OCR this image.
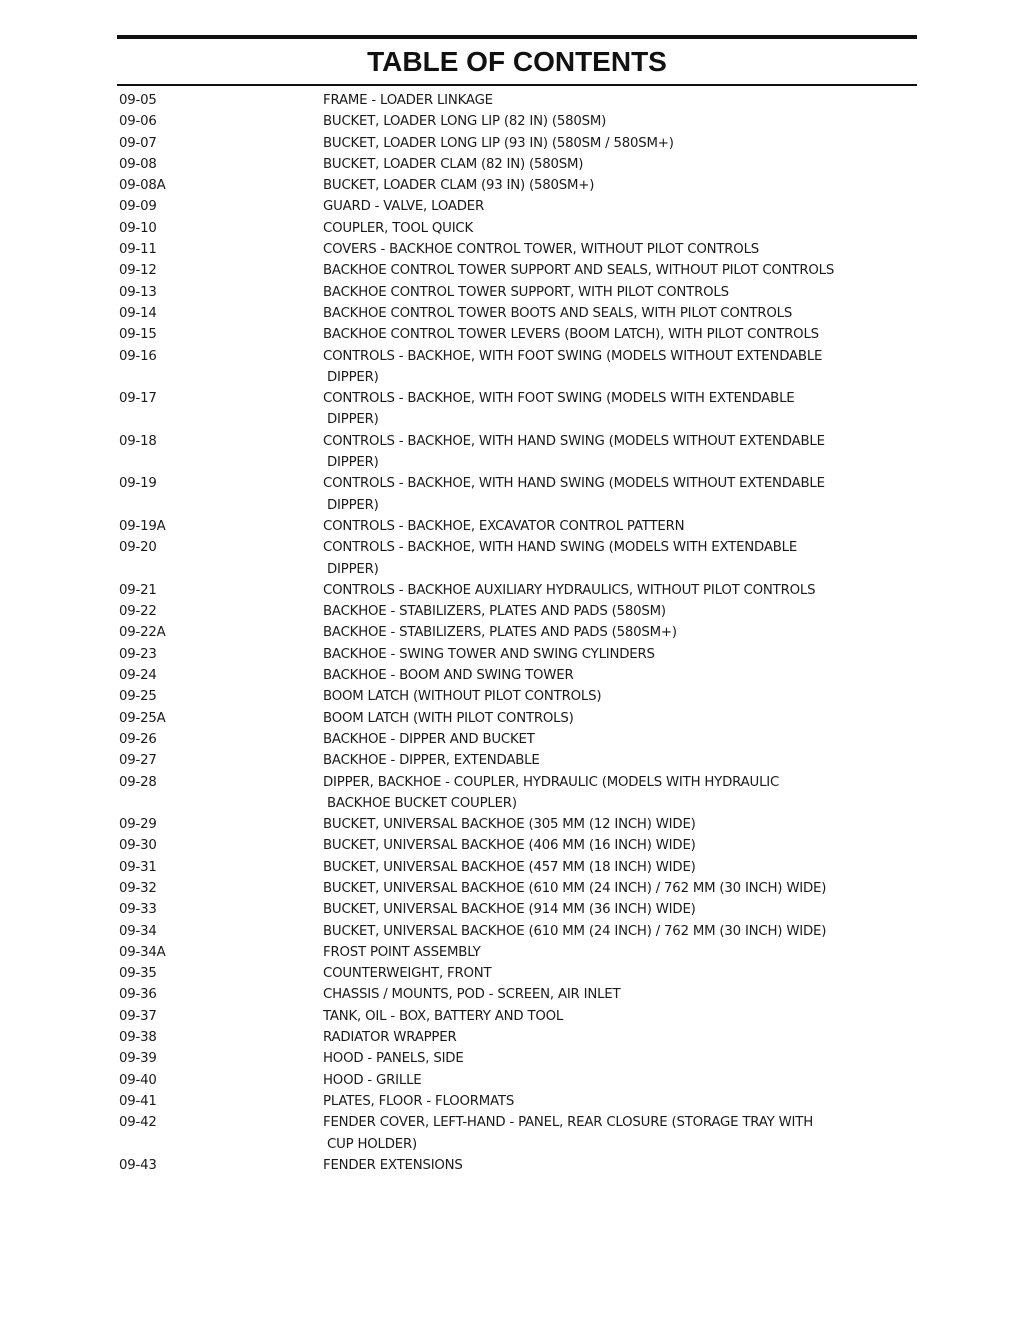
TABLE OF CONTENTS
09-05	FRAME - LOADER LINKAGE
09-06	BUCKET, LOADER LONG LIP (82 IN) (580SM)
09-07	BUCKET, LOADER LONG LIP (93 IN) (580SM / 580SM+)
09-08	BUCKET, LOADER CLAM (82 IN) (580SM)
09-08A	BUCKET, LOADER CLAM (93 IN) (580SM+)
09-09	GUARD - VALVE, LOADER
09-10	COUPLER, TOOL QUICK
09-11	COVERS - BACKHOE CONTROL TOWER, WITHOUT PILOT CONTROLS
09-12	BACKHOE CONTROL TOWER SUPPORT AND SEALS, WITHOUT PILOT CONTROLS
09-13	BACKHOE CONTROL TOWER SUPPORT, WITH PILOT CONTROLS
09-14	BACKHOE CONTROL TOWER BOOTS AND SEALS, WITH PILOT CONTROLS
09-15	BACKHOE CONTROL TOWER LEVERS (BOOM LATCH), WITH PILOT CONTROLS
09-16	CONTROLS - BACKHOE, WITH FOOT SWING (MODELS WITHOUT EXTENDABLE
DIPPER)
09-17	CONTROLS - BACKHOE, WITH FOOT SWING (MODELS WITH EXTENDABLE
DIPPER)
09-18	CONTROLS - BACKHOE, WITH HAND SWING (MODELS WITHOUT EXTENDABLE
DIPPER)
09-19	CONTROLS - BACKHOE, WITH HAND SWING (MODELS WITHOUT EXTENDABLE
DIPPER)
09-19A	CONTROLS - BACKHOE, EXCAVATOR CONTROL PATTERN
09-20	CONTROLS - BACKHOE, WITH HAND SWING (MODELS WITH EXTENDABLE
DIPPER)
09-21	CONTROLS - BACKHOE AUXILIARY HYDRAULICS, WITHOUT PILOT CONTROLS
09-22	BACKHOE - STABILIZERS, PLATES AND PADS (580SM)
09-22A	BACKHOE - STABILIZERS, PLATES AND PADS (580SM+)
09-23	BACKHOE - SWING TOWER AND SWING CYLINDERS
09-24	BACKHOE - BOOM AND SWING TOWER
09-25	BOOM LATCH (WITHOUT PILOT CONTROLS)
09-25A	BOOM LATCH (WITH PILOT CONTROLS)
09-26	BACKHOE - DIPPER AND BUCKET
09-27	BACKHOE - DIPPER, EXTENDABLE
09-28	DIPPER, BACKHOE - COUPLER, HYDRAULIC (MODELS WITH HYDRAULIC
BACKHOE BUCKET COUPLER)
09-29	BUCKET, UNIVERSAL BACKHOE (305 MM (12 INCH) WIDE)
09-30	BUCKET, UNIVERSAL BACKHOE (406 MM (16 INCH) WIDE)
09-31	BUCKET, UNIVERSAL BACKHOE (457 MM (18 INCH) WIDE)
09-32	BUCKET, UNIVERSAL BACKHOE (610 MM (24 INCH) / 762 MM (30 INCH) WIDE)
09-33	BUCKET, UNIVERSAL BACKHOE (914 MM (36 INCH) WIDE)
09-34	BUCKET, UNIVERSAL BACKHOE (610 MM (24 INCH) / 762 MM (30 INCH) WIDE)
09-34A	FROST POINT ASSEMBLY
09-35	COUNTERWEIGHT, FRONT
09-36	CHASSIS / MOUNTS, POD - SCREEN, AIR INLET
09-37	TANK, OIL - BOX, BATTERY AND TOOL
09-38	RADIATOR WRAPPER
09-39	HOOD - PANELS, SIDE
09-40	HOOD - GRILLE
09-41	PLATES, FLOOR - FLOORMATS
09-42	FENDER COVER, LEFT-HAND - PANEL, REAR CLOSURE (STORAGE TRAY WITH
CUP HOLDER)
09-43	FENDER EXTENSIONS
